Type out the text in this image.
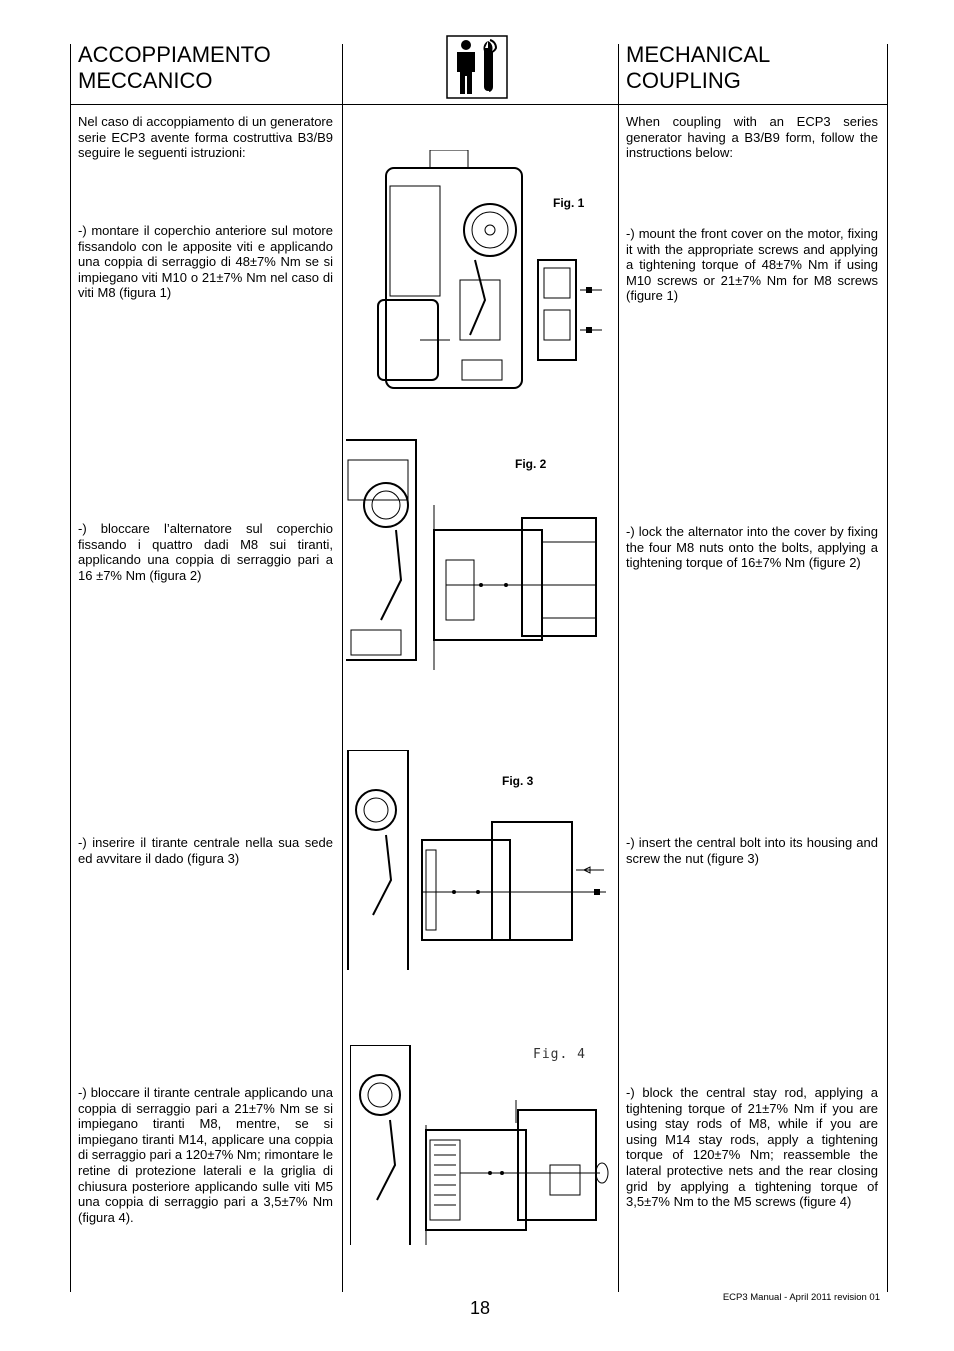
ACCOPPIAMENTO
MECCANICO
MECHANICAL
COUPLING
Nel caso di accoppiamento di un generatore serie ECP3 avente forma costruttiva B3/B9 seguire le seguenti istruzioni:
-) montare il coperchio anteriore sul motore fissandolo con le apposite viti e applicando una coppia di serraggio di 48±7% Nm se si impiegano viti M10 o 21±7% Nm nel caso di viti M8 (figura 1)
-) bloccare l’alternatore sul coperchio fissando i quattro dadi M8 sui tiranti, applicando una coppia di serraggio pari a 16 ±7% Nm (figura 2)
-) inserire il tirante centrale nella sua sede ed avvitare il dado (figura 3)
-) bloccare il tirante centrale applicando una coppia di serraggio pari a 21±7% Nm se si impiegano tiranti M8, mentre, se si impiegano tiranti M14, applicare una coppia di serraggio pari a 120±7% Nm; rimontare le retine di protezione laterali e la griglia di chiusura posteriore applicando sulle viti M5 una coppia di serraggio pari a 3,5±7% Nm (figura 4).
When coupling with an ECP3 series generator having a B3/B9 form, follow the instructions below:
-) mount the front cover on the motor, fixing it with the appropriate screws and applying a tightening torque of 48±7% Nm if using M10 screws or 21±7% Nm for M8 screws (figure 1)
-) lock the alternator into the cover by fixing the four M8 nuts onto the bolts, applying a tightening torque of 16±7% Nm (figure 2)
-) insert the central bolt into its housing and screw the nut (figure 3)
-) block the central stay rod, applying a tightening torque of 21±7% Nm if you are using stay rods of M8, while if you are using M14 stay rods, apply a tightening torque of 120±7% Nm; reassemble the lateral protective nets and the rear closing grid by applying a tightening torque of 3,5±7% Nm to the M5 screws (figure 4)
Fig. 1
Fig. 2
Fig. 3
Fig. 4
18
ECP3 Manual - April 2011 revision 01
